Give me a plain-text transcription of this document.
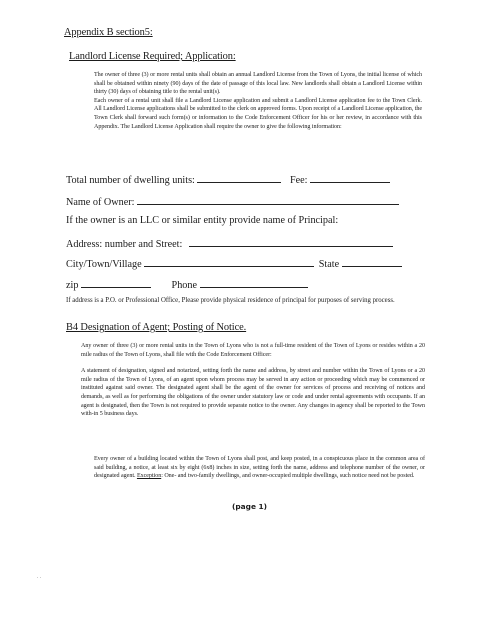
Appendix B section5:
Landlord License Required; Application:

The owner of three (3) or more rental units shall obtain an annual Landlord License from the Town of Lyons, the initial license of which shall be obtained within ninety (90) days of the date of passage of this local law. New landlords shall obtain a Landlord License within thirty (30) days of obtaining title to the rental unit(s).

Each owner of a rental unit shall file a Landlord License application and submit a Landlord License application fee to the Town Clerk. All Landlord License applications shall be submitted to the clerk on approved forms. Upon receipt of a Landlord License application, the Town Clerk shall forward such form(s) or information to the Code Enforcement Officer for his or her review, in accordance with this Appendix. The Landlord License Application shall require the owner to give the following information:

Total number of dwelling units:	Fee:
Name of Owner:
If the owner is an LLC or similar entity provide name of Principal:
Address: number and Street:
City/Town/Village	State
zip	Phone

If address is a P.O. or Professional Office, Please provide physical residence of principal for purposes of serving process.

B4 Designation of Agent; Posting of Notice.

Any owner of three (3) or more rental units in the Town of Lyons who is not a full-time resident of the Town of Lyons or resides within a 20 mile radius of the Town of Lyons, shall file with the Code Enforcement Officer:

A statement of designation, signed and notarized, setting forth the name and address, by street and number within the Town of Lyons or a 20 mile radius of the Town of Lyons, of an agent upon whom process may be served in any action or proceeding which may be commenced or instituted against said owner. The designated agent shall be the agent of the owner for services of process and receiving of notices and demands, as well as for performing the obligations of the owner under statutory law or code and under rental agreements with occupants. If an agent is designated, then the Town is not required to provide separate notice to the owner. Any changes in agency shall be reported to the Town with-in 5 business days.

Every owner of a building located within the Town of Lyons shall post, and keep posted, in a conspicuous place in the common area of said building, a notice, at least six by eight (6x8) inches in size, setting forth the name, address and telephone number of the owner, or designated agent. Exception: One- and two-family dwellings, and owner-occupied multiple dwellings, such notice need not be posted.

(page 1)
..
